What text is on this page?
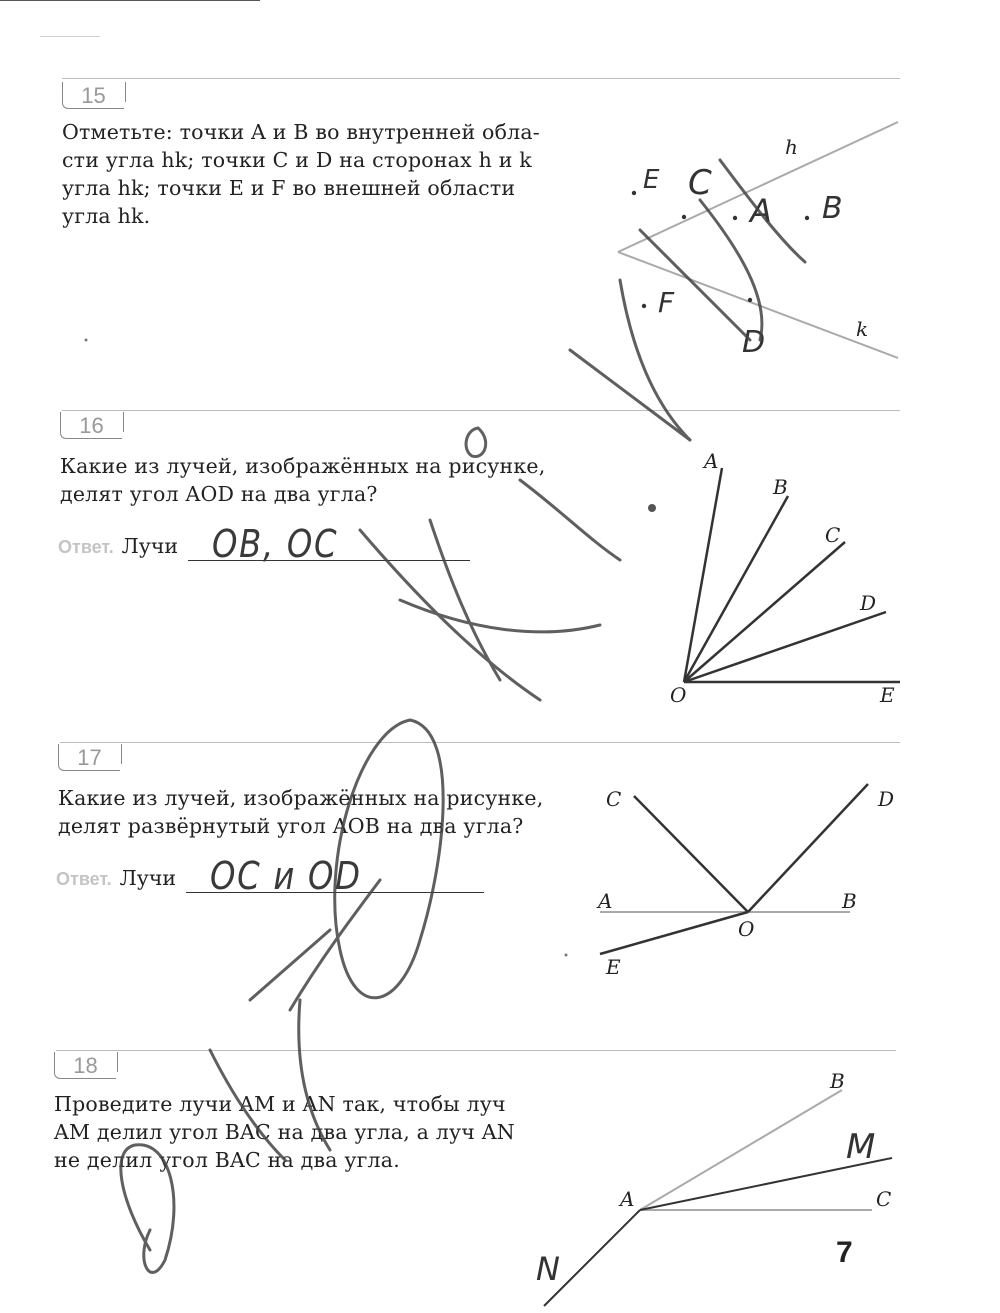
15

Отметьте: точки A и B во внутренней обла-
сти угла hk; точки C и D на сторонах h и k
угла hk; точки E и F во внешней области
угла hk.

h
k
E C
A B
F
D
16

Какие из лучей, изображённых на рисунке,
делят угол AOD на два угла?

Ответ. Лучи OB, OC
A
B
C
D
O	E
17

Какие из лучей, изображённых на рисунке,
делят развёрнутый угол AOB на два угла?

Ответ. Лучи OC и OD
C	D
A	B
O
E
18

Проведите лучи AM и AN так, чтобы луч
AM делил угол BAC на два угла, а луч AN
не делил угол BAC на два угла.

B
A	C
M
N	7
